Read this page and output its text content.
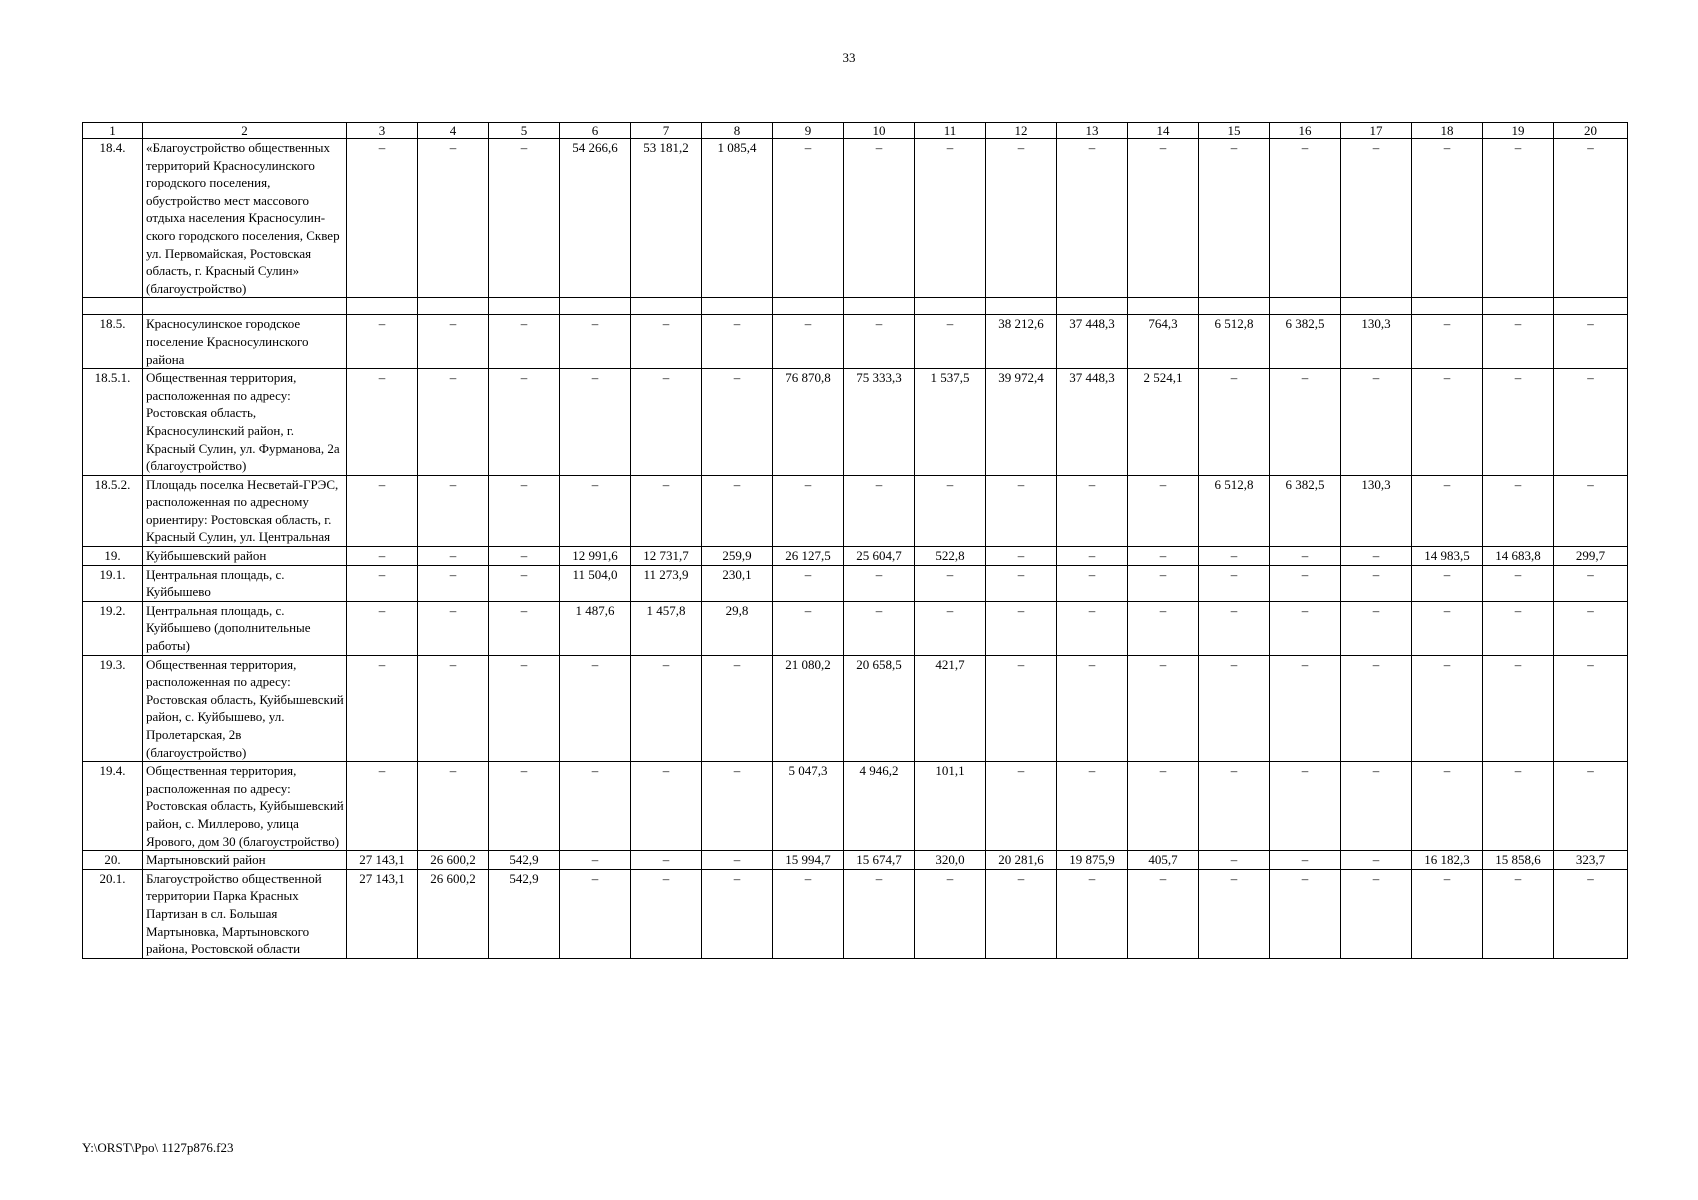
33
1	2	3	4	5	6	7	8	9	10	11	12	13	14	15	16	17	18	19	20
18.4.	«Благоустройство общественных территорий Красносулинского городского поселения, обустройство мест массового отдыха населения Красносулин-ского городского поселения, Сквер ул. Первомайская, Ростовская область, г. Красный Сулин» (благоустройство)	–	–	–	54 266,6	53 181,2	1 085,4	–	–	–	–	–	–	–	–	–	–	–	–

18.5.	Красносулинское городское поселение Красносулинского района	–	–	–	–	–	–	–	–	–	38 212,6	37 448,3	764,3	6 512,8	6 382,5	130,3	–	–	–
18.5.1.	Общественная территория, расположенная по адресу: Ростовская область, Красносулинский район, г. Красный Сулин, ул. Фурманова, 2а (благоустройство)	–	–	–	–	–	–	76 870,8	75 333,3	1 537,5	39 972,4	37 448,3	2 524,1	–	–	–	–	–	–
18.5.2.	Площадь поселка Несветай-ГРЭС, расположенная по адресному ориентиру: Ростовская область, г. Красный Сулин, ул. Центральная	–	–	–	–	–	–	–	–	–	–	–	–	6 512,8	6 382,5	130,3	–	–	–
19.	Куйбышевский район	–	–	–	12 991,6	12 731,7	259,9	26 127,5	25 604,7	522,8	–	–	–	–	–	–	14 983,5	14 683,8	299,7
19.1.	Центральная площадь, с. Куйбышево	–	–	–	11 504,0	11 273,9	230,1	–	–	–	–	–	–	–	–	–	–	–	–
19.2.	Центральная площадь, с. Куйбышево (дополнительные работы)	–	–	–	1 487,6	1 457,8	29,8	–	–	–	–	–	–	–	–	–	–	–	–
19.3.	Общественная территория, расположенная по адресу: Ростовская область, Куйбышевский район, с. Куйбышево, ул. Пролетарская, 2в (благоустройство)	–	–	–	–	–	–	21 080,2	20 658,5	421,7	–	–	–	–	–	–	–	–	–
19.4.	Общественная территория, расположенная по адресу: Ростовская область, Куйбышевский район, с. Миллерово, улица Ярового, дом 30 (благоустройство)	–	–	–	–	–	–	5 047,3	4 946,2	101,1	–	–	–	–	–	–	–	–	–
20.	Мартыновский район	27 143,1	26 600,2	542,9	–	–	–	15 994,7	15 674,7	320,0	20 281,6	19 875,9	405,7	–	–	–	16 182,3	15 858,6	323,7
20.1.	Благоустройство общественной территории Парка Красных Партизан в сл. Большая Мартыновка, Мартыновского района, Ростовской области	27 143,1	26 600,2	542,9	–	–	–	–	–	–	–	–	–	–	–	–	–	–	–
Y:\ORST\Ppo\ 1127p876.f23
